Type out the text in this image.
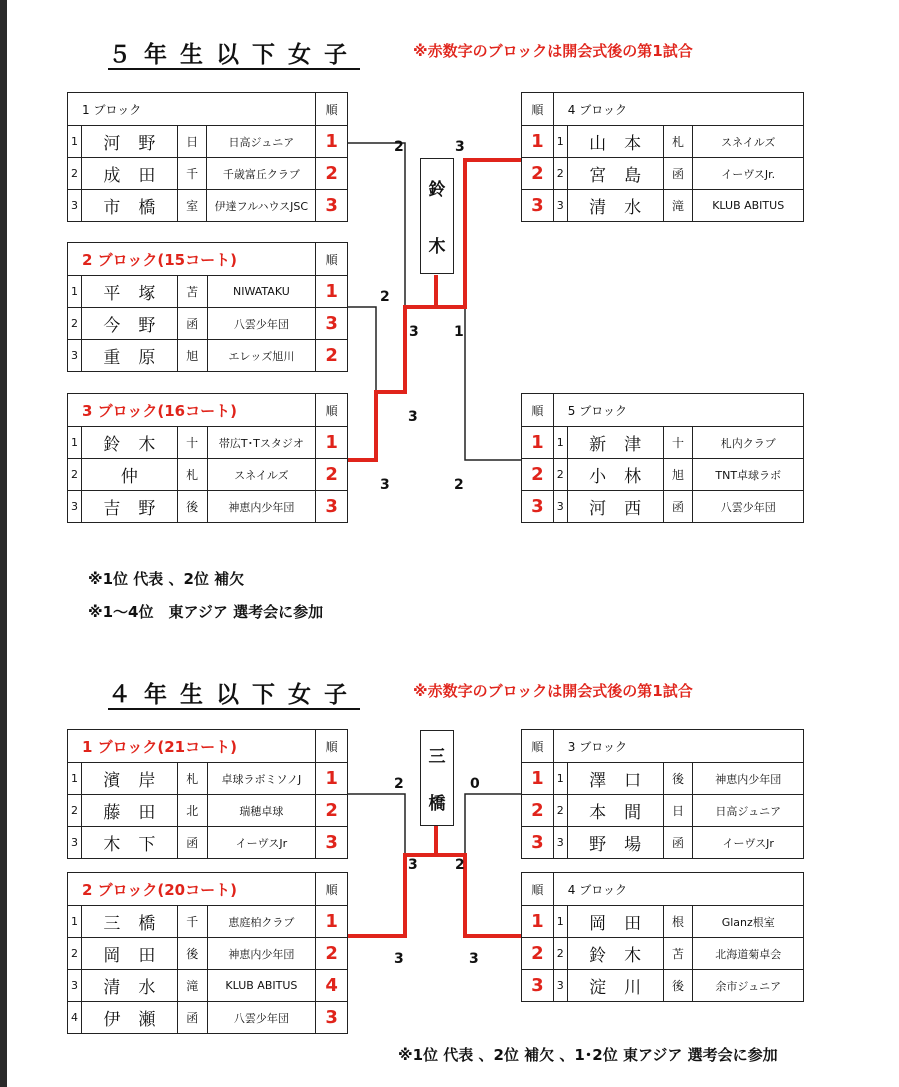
５年生以下女子	※赤数字のブロックは開会式後の第1試合
鈴
木
1 ブロック				順
1	河野	日	日高ジュニア	1
2	成田	千	千歳富丘クラブ	2
3	市橋	室	伊達フルハウスJSC	3
2 ブロック(15コート)				順
1	平塚	苫	NIWATAKU	1
2	今野	函	八雲少年団	3
3	重原	旭	エレッズ旭川	2
3 ブロック(16コート)				順
1	鈴木	十	帯広T･Tスタジオ	1
2	仲	札	スネイルズ	2
3	吉野	後	神恵内少年団	3
順	4 ブロック			
1	1	山本	札	スネイルズ
2	2	宮島	函	イーヴスJr.
3	3	清水	滝	KLUB ABITUS
順	5 ブロック			
1	1	新津	十	札内クラブ
2	2	小林	旭	TNT卓球ラボ
3	3	河西	函	八雲少年団
2	3
2
3	1
3
3	2
※1位 代表 、2位 補欠
※1～4位　東アジア 選考会に参加
４年生以下女子	※赤数字のブロックは開会式後の第1試合
三
橋
1 ブロック(21コート)				順
1	濱岸	札	卓球ラボミソノJ	1
2	藤田	北	瑞穂卓球	2
3	木下	函	イーヴスJr	3
2 ブロック(20コート)				順
1	三橋	千	恵庭柏クラブ	1
2	岡田	後	神恵内少年団	2
3	清水	滝	KLUB ABITUS	4
4	伊瀬	函	八雲少年団	3
順	3 ブロック			
1	1	澤口	後	神恵内少年団
2	2	本間	日	日高ジュニア
3	3	野場	函	イーヴスJr
順	4 ブロック			
1	1	岡田	根	Glanz根室
2	2	鈴木	苫	北海道菊卓会
3	3	淀川	後	余市ジュニア
2	0
3	2
3	3
※1位 代表 、2位 補欠 、1･2位 東アジア 選考会に参加
